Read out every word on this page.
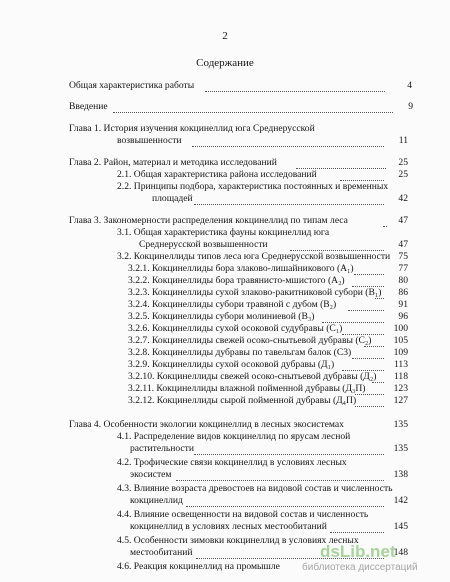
2
Содержание
Общая характеристика работы	4
Введение	9
Глава 1. История изучения кокцинеллид юга Среднерусской
возвышенности	11
Глава 2. Район, материал и методика исследований	25
2.1. Общая характеристика района исследований	25
2.2. Принципы подбора, характеристика постоянных и временных
площадей	42
Глава 3. Закономерности распределения кокцинеллид по типам леса	47
3.1. Общая характеристика фауны кокцинеллид юга
Среднерусской возвышенности	47
3.2. Кокцинеллиды типов леса юга Среднерусской возвышенности 75
3.2.1. Кокцинеллиды бора злаково-лишайникового (A₁)	77
3.2.2. Кокцинеллиды бора травянисто-мшистого (A₂)	80
3.2.3. Кокцинеллиды сухой злаково-ракитниковой субори (B₁)	86
3.2.4. Кокцинеллиды субори травяной с дубом (B₂)	91
3.2.5. Кокцинеллиды субори молиниевой (B₃)	96
3.2.6. Кокцинеллиды сухой осоковой судубравы (C₁)	100
3.2.7. Кокцинеллиды свежей осоко-снытьевой дубравы (C₂)	105
3.2.8. Кокцинеллиды дубравы по тавельгам балок (C3)	109
3.2.9. Кокцинеллиды сухой осоковой дубравы (Д₁)	113
3.2.10. Кокцинеллиды свежей осоко-снытьевой дубравы (Д₂)	118
3.2.11. Кокцинеллиды влажной пойменной дубравы (Д₃П)	123
3.2.12. Кокцинеллиды сырой пойменной дубравы (Д₄П)	127
Глава 4. Особенности экологии кокцинеллид в лесных экосистемах	135
4.1. Распределение видов кокцинеллид по ярусам лесной
растительности	135
4.2. Трофические связи кокцинеллид в условиях лесных
экосистем	138
4.3. Влияние возраста древостоев на видовой состав и численность
кокцинеллид	142
4.4. Влияние освещенности на видовой состав и численность
кокцинеллид в условиях лесных местообитаний	145
4.5. Особенности зимовки кокцинеллид в условиях лесных
местообитаний	148
4.6. Реакция кокцинеллид на промышле
dsLib.net
библиотека диссертаций
